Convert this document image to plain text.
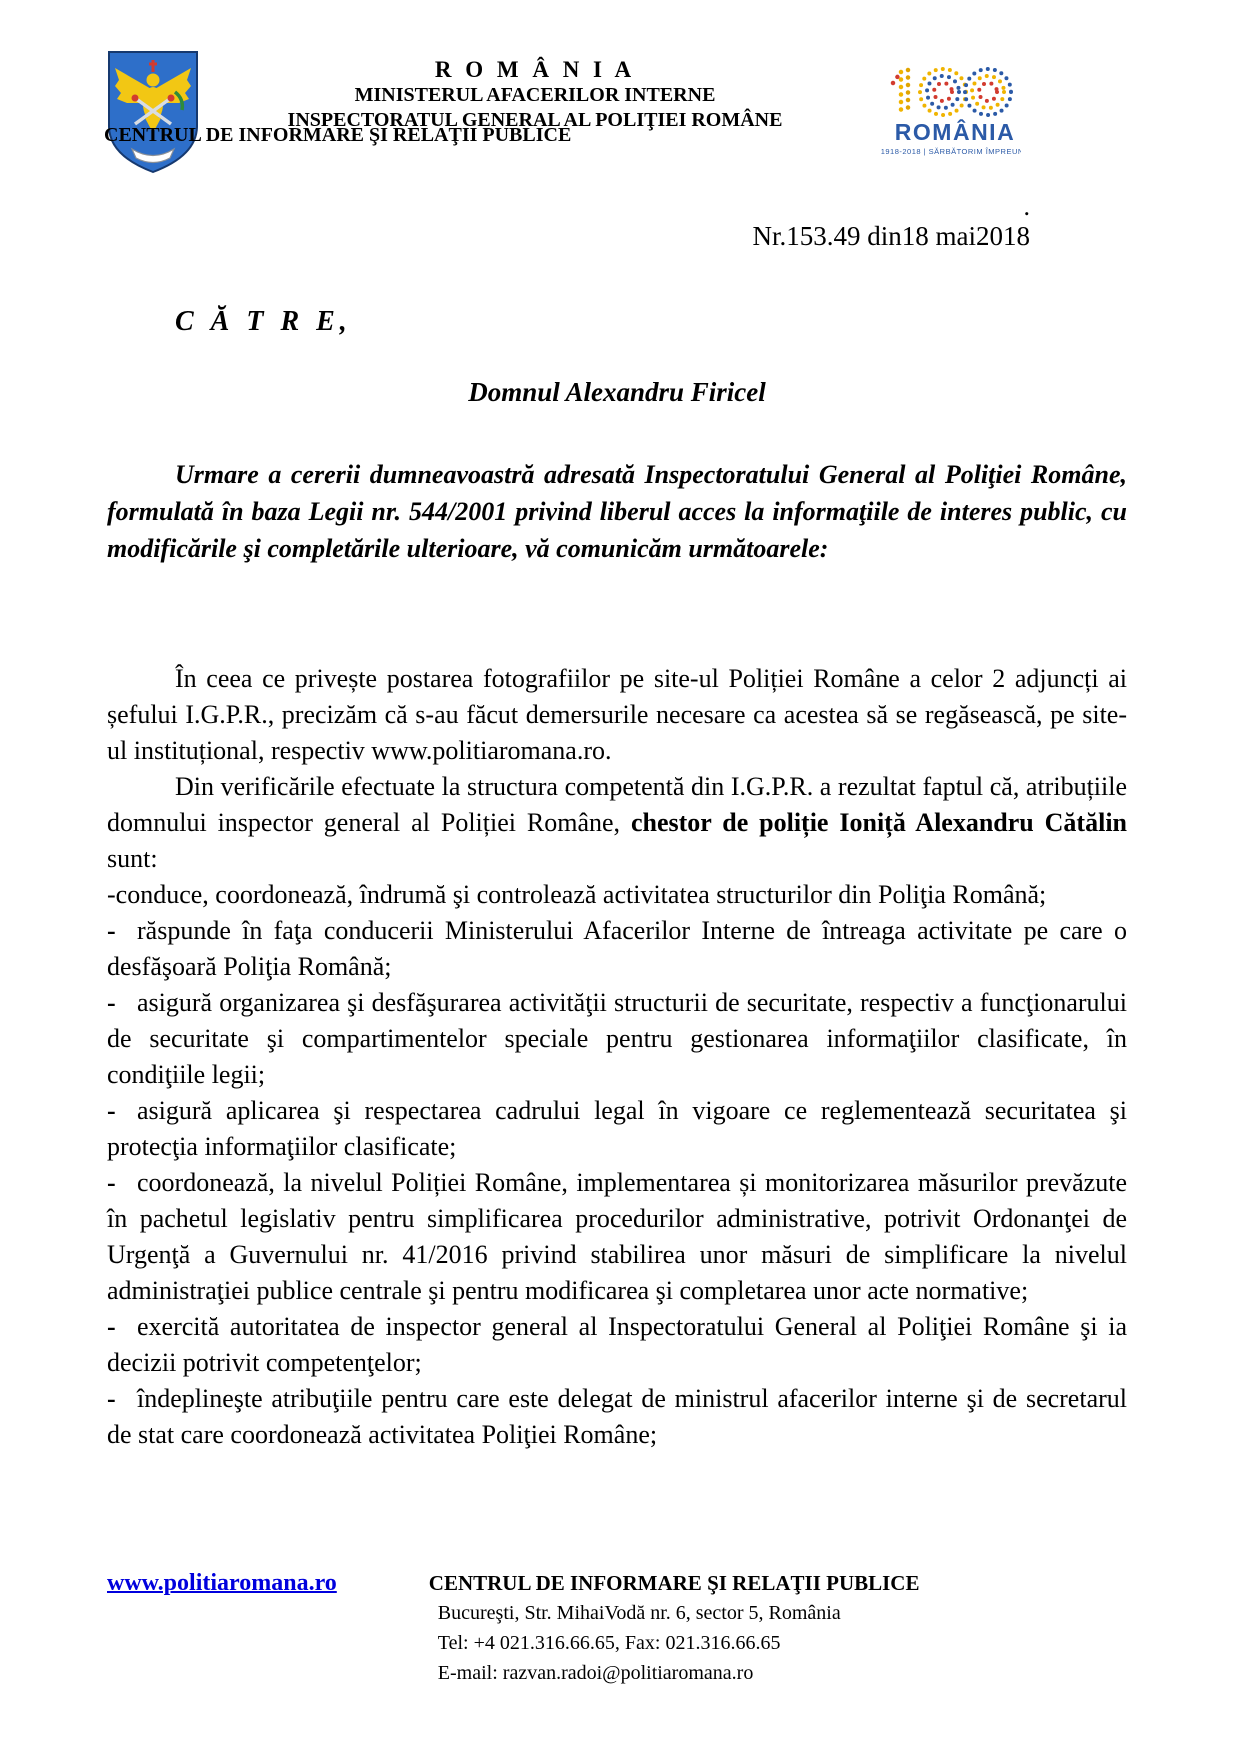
R O M Â N I A
MINISTERUL AFACERILOR INTERNE
INSPECTORATUL GENERAL AL POLIŢIEI ROMÂNE
CENTRUL DE INFORMARE ŞI RELAŢII PUBLICE	ROMÂNIA
1918-2018 | SĂRBĂTORIM ÎMPREUNĂ

.

Nr.153.49 din18 mai2018

C Ă T R E,

Domnul Alexandru Firicel

Urmare a cererii dumneavoastră adresată Inspectoratului General al Poliţiei Române, formulată în baza Legii nr. 544/2001 privind liberul acces la informaţiile de interes public, cu modificările şi completările ulterioare, vă comunicăm următoarele:

În ceea ce privește postarea fotografiilor pe site-ul Poliției Române a celor 2 adjuncți ai șefului I.G.P.R., precizăm că s-au făcut demersurile necesare ca acestea să se regăsească, pe site-ul instituțional, respectiv www.politiaromana.ro.

Din verificările efectuate la structura competentă din I.G.P.R. a rezultat faptul că, atribuțiile domnului inspector general al Poliției Române, chestor de poliție Ioniță Alexandru Cătălin sunt:

-conduce, coordonează, îndrumă şi controlează activitatea structurilor din Poliţia Română;

- răspunde în faţa conducerii Ministerului Afacerilor Interne de întreaga activitate pe care o desfăşoară Poliţia Română;

- asigură organizarea şi desfăşurarea activităţii structurii de securitate, respectiv a funcţionarului de securitate şi compartimentelor speciale pentru gestionarea informaţiilor clasificate, în condiţiile legii;

- asigură aplicarea şi respectarea cadrului legal în vigoare ce reglementează securitatea şi protecţia informaţiilor clasificate;

- coordonează, la nivelul Poliției Române, implementarea și monitorizarea măsurilor prevăzute în pachetul legislativ pentru simplificarea procedurilor administrative, potrivit Ordonanţei de Urgenţă a Guvernului nr. 41/2016 privind stabilirea unor măsuri de simplificare la nivelul administraţiei publice centrale şi pentru modificarea şi completarea unor acte normative;

- exercită autoritatea de inspector general al Inspectoratului General al Poliţiei Române şi ia decizii potrivit competenţelor;

- îndeplineşte atribuţiile pentru care este delegat de ministrul afacerilor interne şi de secretarul de stat care coordonează activitatea Poliţiei Române;

www.politiaromana.ro	CENTRUL DE INFORMARE ŞI RELAŢII PUBLICE

Bucureşti, Str. MihaiVodă nr. 6, sector 5, România

Tel: +4 021.316.66.65, Fax: 021.316.66.65

E-mail: razvan.radoi@politiaromana.ro
